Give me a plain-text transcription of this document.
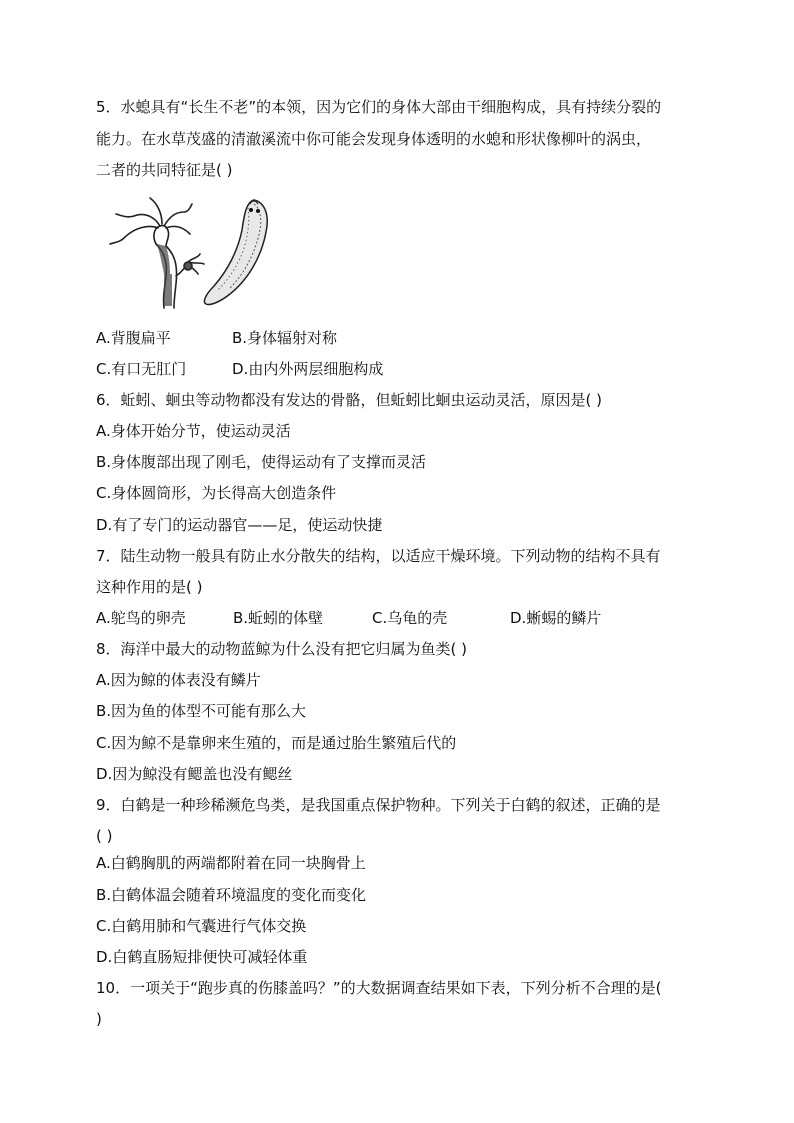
5．水螅具有“长生不老”的本领，因为它们的身体大部由干细胞构成，具有持续分裂的
能力。在水草茂盛的清澈溪流中你可能会发现身体透明的水螅和形状像柳叶的涡虫，
二者的共同特征是( )
A.背腹扁平	B.身体辐射对称
C.有口无肛门	D.由内外两层细胞构成
6．蚯蚓、蛔虫等动物都没有发达的骨骼，但蚯蚓比蛔虫运动灵活，原因是( )
A.身体开始分节，使运动灵活
B.身体腹部出现了刚毛，使得运动有了支撑而灵活
C.身体圆筒形，为长得高大创造条件
D.有了专门的运动器官——足，使运动快捷
7．陆生动物一般具有防止水分散失的结构，以适应干燥环境。下列动物的结构不具有
这种作用的是( )
A.鸵鸟的卵壳	B.蚯蚓的体壁	C.乌龟的壳	D.蜥蜴的鳞片
8．海洋中最大的动物蓝鲸为什么没有把它归属为鱼类( )
A.因为鲸的体表没有鳞片
B.因为鱼的体型不可能有那么大
C.因为鲸不是靠卵来生殖的，而是通过胎生繁殖后代的
D.因为鲸没有鳃盖也没有鳃丝
9．白鹤是一种珍稀濒危鸟类，是我国重点保护物种。下列关于白鹤的叙述，正确的是
( )
A.白鹤胸肌的两端都附着在同一块胸骨上
B.白鹤体温会随着环境温度的变化而变化
C.白鹤用肺和气囊进行气体交换
D.白鹤直肠短排便快可减轻体重
10．一项关于“跑步真的伤膝盖吗？”的大数据调查结果如下表，下列分析不合理的是(
)
